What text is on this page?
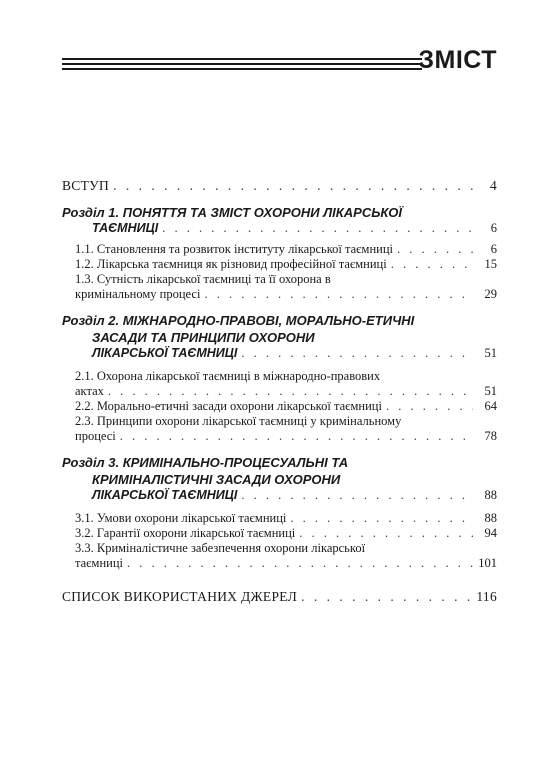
ЗМІСТ
ВСТУП . . .	4
Розділ 1. ПОНЯТТЯ ТА ЗМІСТ ОХОРОНИ ЛІКАРСЬКОЇ
ТАЄМНИЦІ . . .	6
1.1. Становлення та розвиток інституту лікарської таємниці . . .	6
1.2. Лікарська таємниця як різновид професійної таємниці . . .	15
1.3. Сутність лікарської таємниці та її охорона в
кримінальному процесі . . .	29
Розділ 2. МІЖНАРОДНО-ПРАВОВІ, МОРАЛЬНО-ЕТИЧНІ
ЗАСАДИ ТА ПРИНЦИПИ ОХОРОНИ
ЛІКАРСЬКОЇ ТАЄМНИЦІ . . .	51
2.1. Охорона лікарської таємниці в міжнародно-правових
актах . . .	51
2.2. Морально-етичні засади охорони лікарської таємниці . . .	64
2.3. Принципи охорони лікарської таємниці у кримінальному
процесі . . .	78
Розділ 3. КРИМІНАЛЬНО-ПРОЦЕСУАЛЬНІ ТА
КРИМІНАЛІСТИЧНІ ЗАСАДИ ОХОРОНИ
ЛІКАРСЬКОЇ ТАЄМНИЦІ . . .	88
3.1. Умови охорони лікарської таємниці . . .	88
3.2. Гарантії охорони лікарської таємниці . . .	94
3.3. Криміналістичне забезпечення охорони лікарської
таємниці . . .	101
СПИСОК ВИКОРИСТАНИХ ДЖЕРЕЛ . . .	116
